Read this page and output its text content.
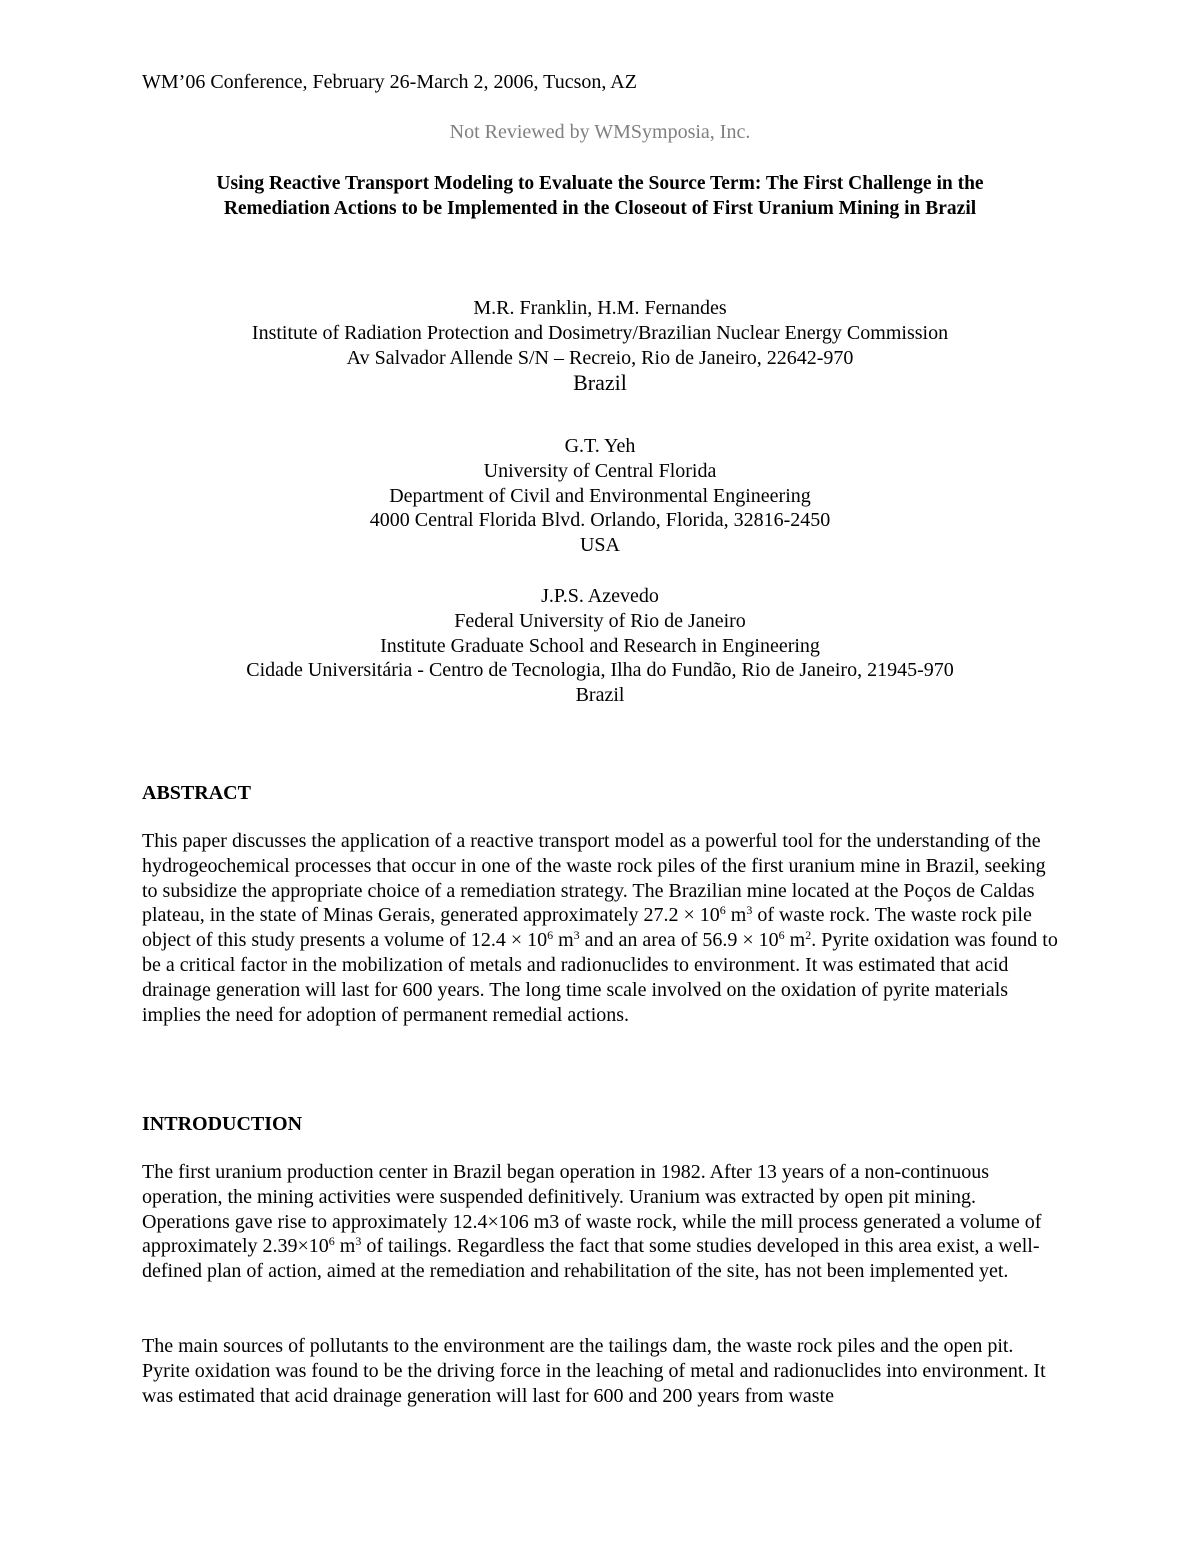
WM’06 Conference, February 26-March 2, 2006, Tucson, AZ
Not Reviewed by WMSymposia, Inc.
Using Reactive Transport Modeling to Evaluate the Source Term: The First Challenge in the
Remediation Actions to be Implemented in the Closeout of First Uranium Mining in Brazil
M.R. Franklin, H.M. Fernandes
Institute of Radiation Protection and Dosimetry/Brazilian Nuclear Energy Commission
Av Salvador Allende S/N – Recreio, Rio de Janeiro, 22642-970
Brazil
G.T. Yeh
University of Central Florida
Department of Civil and Environmental Engineering
4000 Central Florida Blvd. Orlando, Florida, 32816-2450
USA
J.P.S. Azevedo
Federal University of Rio de Janeiro
Institute Graduate School and Research in Engineering
Cidade Universitária - Centro de Tecnologia, Ilha do Fundão, Rio de Janeiro, 21945-970
Brazil
ABSTRACT

This paper discusses the application of a reactive transport model as a powerful tool for the understanding of the hydrogeochemical processes that occur in one of the waste rock piles of the first uranium mine in Brazil, seeking to subsidize the appropriate choice of a remediation strategy. The Brazilian mine located at the Poços de Caldas plateau, in the state of Minas Gerais, generated approximately $27.2 \times 10^6$ $m^3$ of waste rock. The waste rock pile object of this study presents a volume of $12.4 \times 10^6$ $m^3$ and an area of $56.9 \times 10^6$ $m^2$. Pyrite oxidation was found to be a critical factor in the mobilization of metals and radionuclides to environment. It was estimated that acid drainage generation will last for 600 years. The long time scale involved on the oxidation of pyrite materials implies the need for adoption of permanent remedial actions.

INTRODUCTION

The first uranium production center in Brazil began operation in 1982. After 13 years of a non-continuous operation, the mining activities were suspended definitively. Uranium was extracted by open pit mining. Operations gave rise to approximately 12.4×106 m3 of waste rock, while the mill process generated a volume of approximately $2.39\times 10^6$ $m^3$ of tailings. Regardless the fact that some studies developed in this area exist, a well-defined plan of action, aimed at the remediation and rehabilitation of the site, has not been implemented yet.

The main sources of pollutants to the environment are the tailings dam, the waste rock piles and the open pit. Pyrite oxidation was found to be the driving force in the leaching of metal and radionuclides into environment. It was estimated that acid drainage generation will last for 600 and 200 years from waste
